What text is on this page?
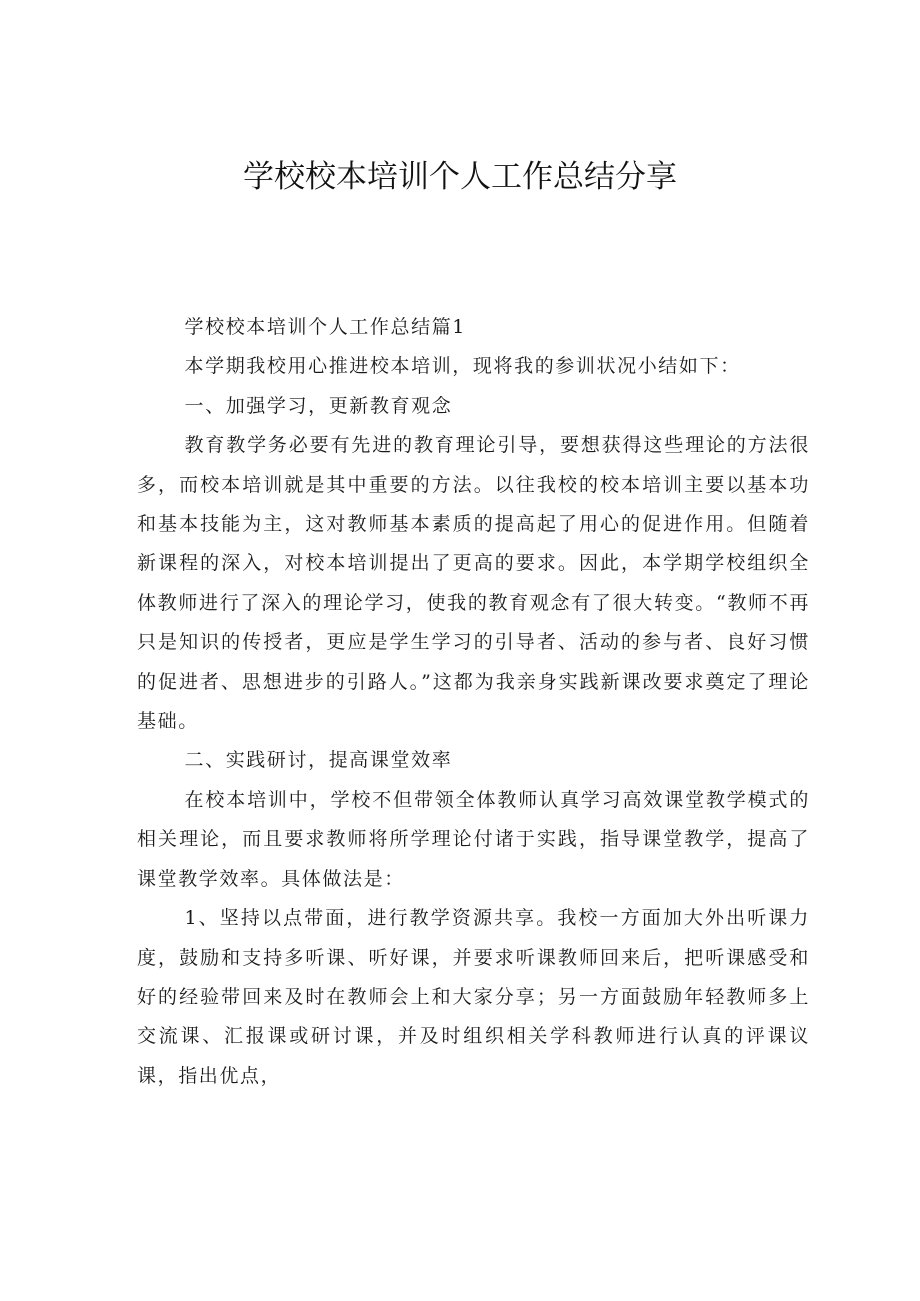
学校校本培训个人工作总结分享

学校校本培训个人工作总结篇1

本学期我校用心推进校本培训，现将我的参训状况小结如下：

一、加强学习，更新教育观念

教育教学务必要有先进的教育理论引导，要想获得这些理论的方法很多，而校本培训就是其中重要的方法。以往我校的校本培训主要以基本功和基本技能为主，这对教师基本素质的提高起了用心的促进作用。但随着新课程的深入，对校本培训提出了更高的要求。因此，本学期学校组织全体教师进行了深入的理论学习，使我的教育观念有了很大转变。“教师不再只是知识的传授者，更应是学生学习的引导者、活动的参与者、良好习惯的促进者、思想进步的引路人。”这都为我亲身实践新课改要求奠定了理论基础。

二、实践研讨，提高课堂效率

在校本培训中，学校不但带领全体教师认真学习高效课堂教学模式的相关理论，而且要求教师将所学理论付诸于实践，指导课堂教学，提高了课堂教学效率。具体做法是：

1、坚持以点带面，进行教学资源共享。我校一方面加大外出听课力度，鼓励和支持多听课、听好课，并要求听课教师回来后，把听课感受和好的经验带回来及时在教师会上和大家分享；另一方面鼓励年轻教师多上交流课、汇报课或研讨课，并及时组织相关学科教师进行认真的评课议课，指出优点，
